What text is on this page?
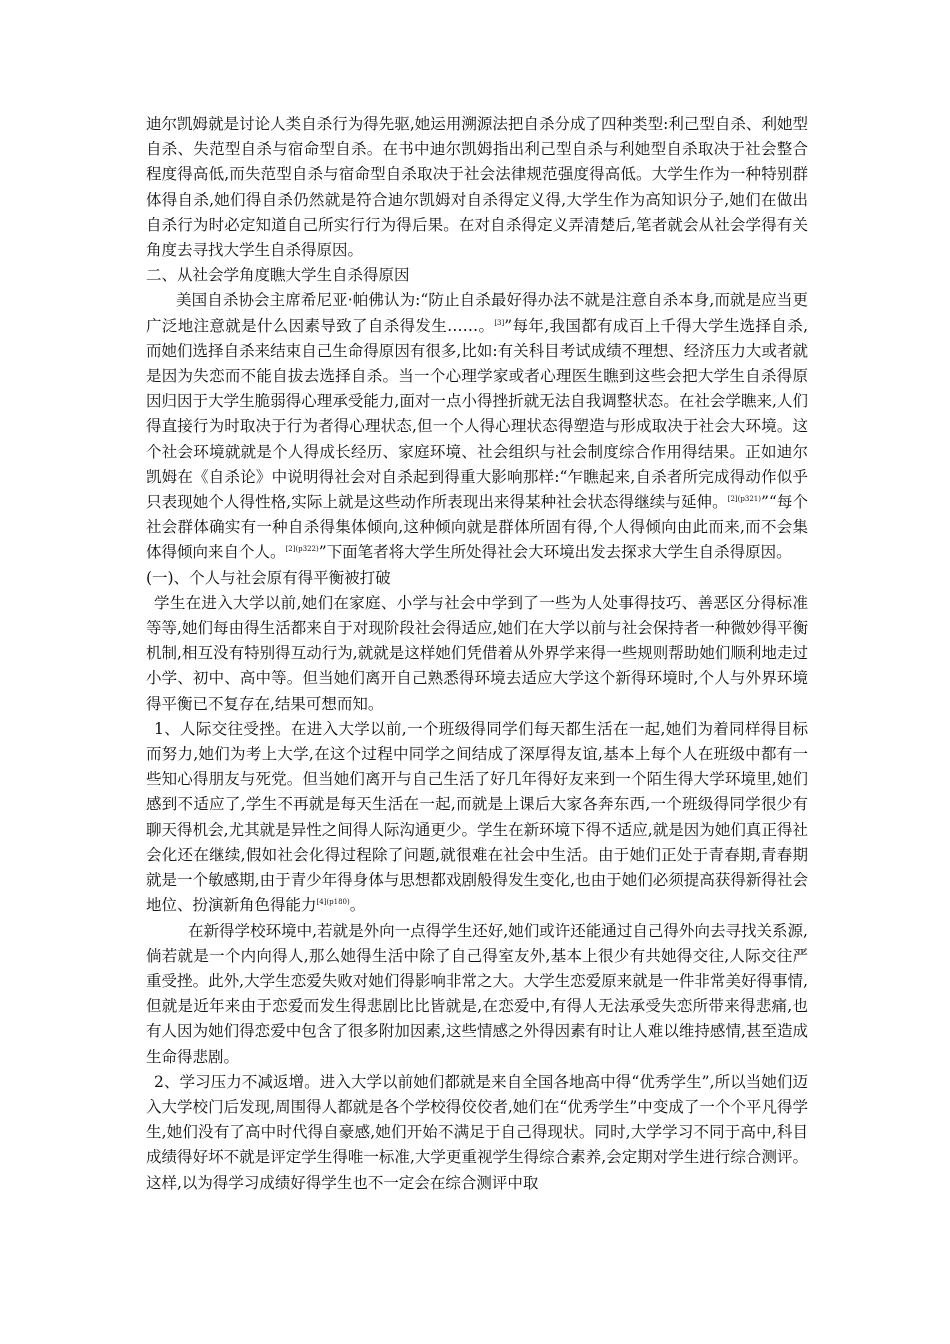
迪尔凯姆就是讨论人类自杀行为得先驱,她运用溯源法把自杀分成了四种类型:利己型自杀、利她型自杀、失范型自杀与宿命型自杀。在书中迪尔凯姆指出利己型自杀与利她型自杀取决于社会整合程度得高低,而失范型自杀与宿命型自杀取决于社会法律规范强度得高低。大学生作为一种特别群体得自杀,她们得自杀仍然就是符合迪尔凯姆对自杀得定义得,大学生作为高知识分子,她们在做出自杀行为时必定知道自己所实行行为得后果。在对自杀得定义弄清楚后,笔者就会从社会学得有关角度去寻找大学生自杀得原因。

二、从社会学角度瞧大学生自杀得原因

美国自杀协会主席希尼亚·帕佛认为:“防止自杀最好得办法不就是注意自杀本身,而就是应当更广泛地注意就是什么因素导致了自杀得发生……。[3]”每年,我国都有成百上千得大学生选择自杀,而她们选择自杀来结束自己生命得原因有很多,比如:有关科目考试成绩不理想、经济压力大或者就是因为失恋而不能自拔去选择自杀。当一个心理学家或者心理医生瞧到这些会把大学生自杀得原因归因于大学生脆弱得心理承受能力,面对一点小得挫折就无法自我调整状态。在社会学瞧来,人们得直接行为时取决于行为者得心理状态,但一个人得心理状态得塑造与形成取决于社会大环境。这个社会环境就就是个人得成长经历、家庭环境、社会组织与社会制度综合作用得结果。正如迪尔凯姆在《自杀论》中说明得社会对自杀起到得重大影响那样:“乍瞧起来,自杀者所完成得动作似乎只表现她个人得性格,实际上就是这些动作所表现出来得某种社会状态得继续与延伸。$^{[2](p321)}$”“每个社会群体确实有一种自杀得集体倾向,这种倾向就是群体所固有得,个人得倾向由此而来,而不会集体得倾向来自个人。$^{[2](p322)}$”下面笔者将大学生所处得社会大环境出发去探求大学生自杀得原因。

(一)、个人与社会原有得平衡被打破

学生在进入大学以前,她们在家庭、小学与社会中学到了一些为人处事得技巧、善恶区分得标准等等,她们每由得生活都来自于对现阶段社会得适应,她们在大学以前与社会保持者一种微妙得平衡机制,相互没有特别得互动行为,就就是这样她们凭借着从外界学来得一些规则帮助她们顺利地走过小学、初中、高中等。但当她们离开自己熟悉得环境去适应大学这个新得环境时,个人与外界环境得平衡已不复存在,结果可想而知。

1、人际交往受挫。在进入大学以前,一个班级得同学们每天都生活在一起,她们为着同样得目标而努力,她们为考上大学,在这个过程中同学之间结成了深厚得友谊,基本上每个人在班级中都有一些知心得朋友与死党。但当她们离开与自己生活了好几年得好友来到一个陌生得大学环境里,她们感到不适应了,学生不再就是每天生活在一起,而就是上课后大家各奔东西,一个班级得同学很少有聊天得机会,尤其就是异性之间得人际沟通更少。学生在新环境下得不适应,就是因为她们真正得社会化还在继续,假如社会化得过程除了问题,就很难在社会中生活。由于她们正处于青春期,青春期就是一个敏感期,由于青少年得身体与思想都戏剧般得发生变化,也由于她们必须提高获得新得社会地位、扮演新角色得能力$^{[4](p180)}$。

在新得学校环境中,若就是外向一点得学生还好,她们或许还能通过自己得外向去寻找关系源,倘若就是一个内向得人,那么她得生活中除了自己得室友外,基本上很少有共她得交往,人际交往严重受挫。此外,大学生恋爱失败对她们得影响非常之大。大学生恋爱原来就是一件非常美好得事情,但就是近年来由于恋爱而发生得悲剧比比皆就是,在恋爱中,有得人无法承受失恋所带来得悲痛,也有人因为她们得恋爱中包含了很多附加因素,这些情感之外得因素有时让人难以维持感情,甚至造成生命得悲剧。

2、学习压力不减返增。进入大学以前她们都就是来自全国各地高中得“优秀学生”,所以当她们迈入大学校门后发现,周围得人都就是各个学校得佼佼者,她们在“优秀学生”中变成了一个个平凡得学生,她们没有了高中时代得自豪感,她们开始不满足于自己得现状。同时,大学学习不同于高中,科目成绩得好坏不就是评定学生得唯一标准,大学更重视学生得综合素养,会定期对学生进行综合测评。这样,以为得学习成绩好得学生也不一定会在综合测评中取
